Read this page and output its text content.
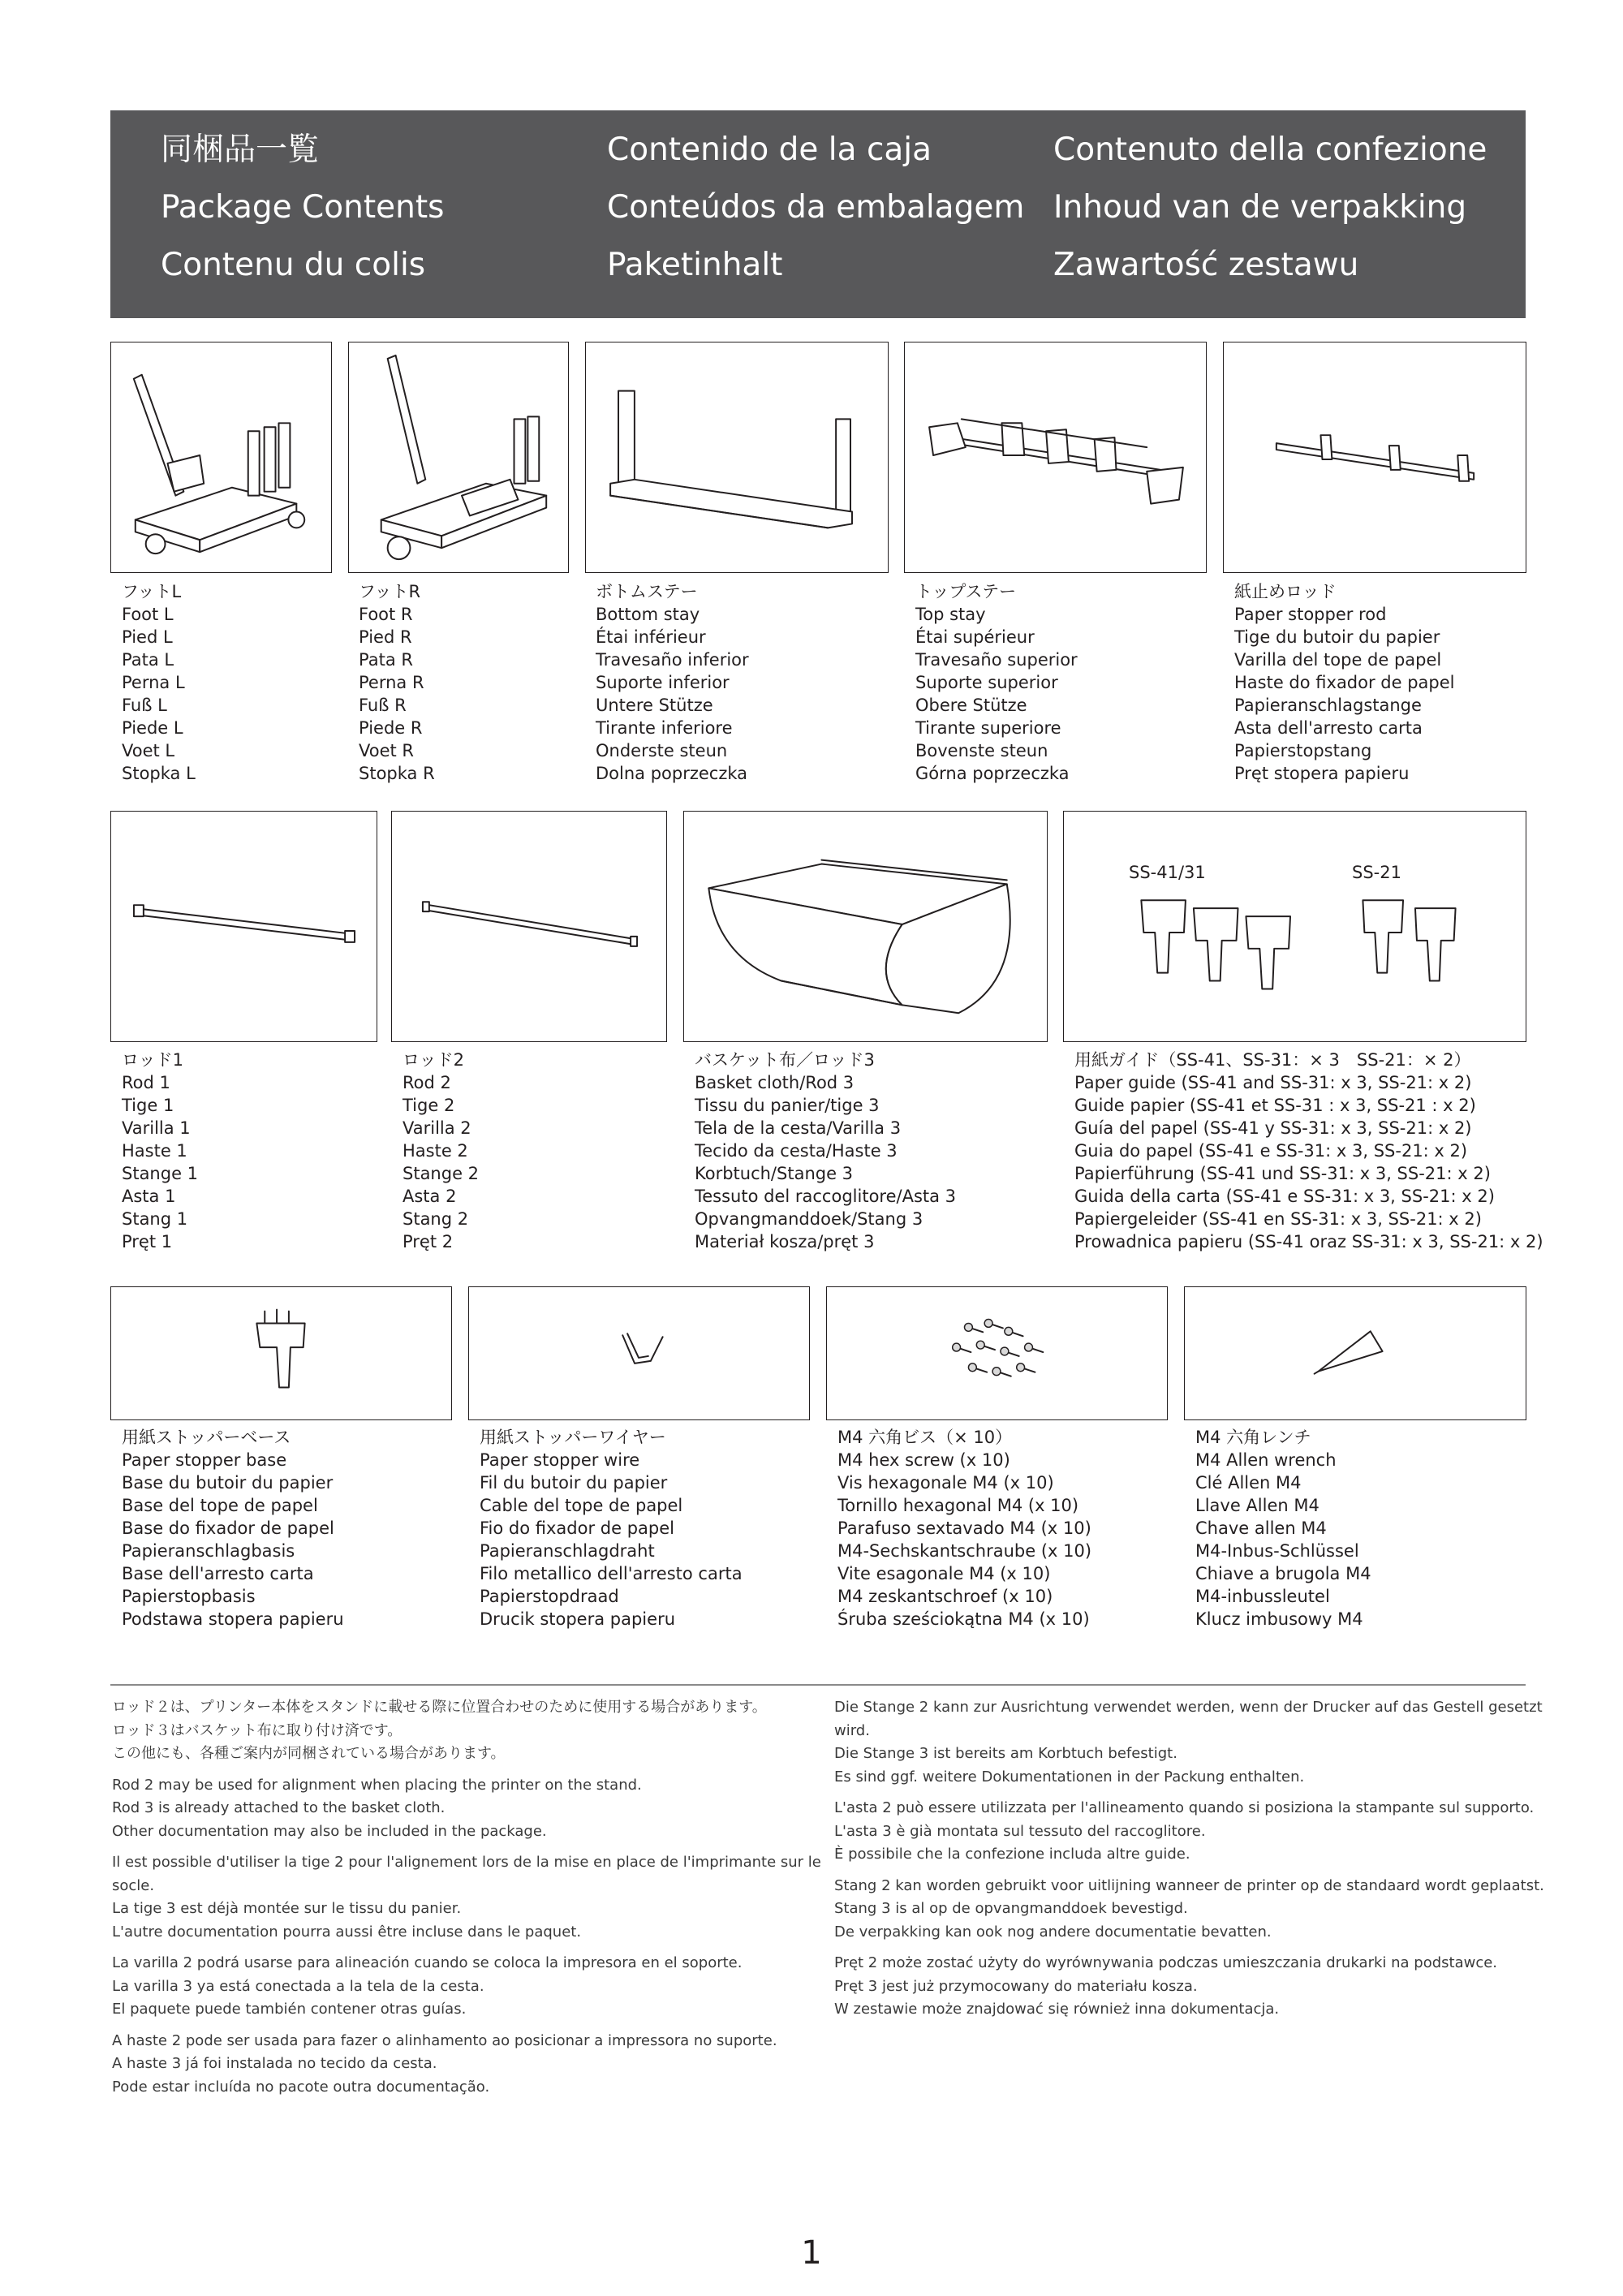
同梱品一覧
Package Contents
Contenu du colis
Contenido de la caja
Conteúdos da embalagem
Paketinhalt
Contenuto della confezione
Inhoud van de verpakking
Zawartość zestawu
フットL
Foot L
Pied L
Pata L
Perna L
Fuß L
Piede L
Voet L
Stopka L
フットR
Foot R
Pied R
Pata R
Perna R
Fuß R
Piede R
Voet R
Stopka R
ボトムステー
Bottom stay
Étai inférieur
Travesaño inferior
Suporte inferior
Untere Stütze
Tirante inferiore
Onderste steun
Dolna poprzeczka
トップステー
Top stay
Étai supérieur
Travesaño superior
Suporte superior
Obere Stütze
Tirante superiore
Bovenste steun
Górna poprzeczka
紙止めロッド
Paper stopper rod
Tige du butoir du papier
Varilla del tope de papel
Haste do fixador de papel
Papieranschlagstange
Asta dell'arresto carta
Papierstopstang
Pręt stopera papieru
SS-41/31	SS-21
ロッド1
Rod 1
Tige 1
Varilla 1
Haste 1
Stange 1
Asta 1
Stang 1
Pręt 1
ロッド2
Rod 2
Tige 2
Varilla 2
Haste 2
Stange 2
Asta 2
Stang 2
Pręt 2
バスケット布／ロッド3
Basket cloth/Rod 3
Tissu du panier/tige 3
Tela de la cesta/Varilla 3
Tecido da cesta/Haste 3
Korbtuch/Stange 3
Tessuto del raccoglitore/Asta 3
Opvangmanddoek/Stang 3
Materiał kosza/pręt 3
用紙ガイド（SS-41、SS-31：× 3　SS-21：× 2）
Paper guide (SS-41 and SS-31: x 3, SS-21: x 2)
Guide papier (SS-41 et SS-31 : x 3, SS-21 : x 2)
Guía del papel (SS-41 y SS-31: x 3, SS-21: x 2)
Guia do papel (SS-41 e SS-31: x 3, SS-21: x 2)
Papierführung (SS-41 und SS-31: x 3, SS-21: x 2)
Guida della carta (SS-41 e SS-31: x 3, SS-21: x 2)
Papiergeleider (SS-41 en SS-31: x 3, SS-21: x 2)
Prowadnica papieru (SS-41 oraz SS-31: x 3, SS-21: x 2)
用紙ストッパーベース
Paper stopper base
Base du butoir du papier
Base del tope de papel
Base do fixador de papel
Papieranschlagbasis
Base dell'arresto carta
Papierstopbasis
Podstawa stopera papieru
用紙ストッパーワイヤー
Paper stopper wire
Fil du butoir du papier
Cable del tope de papel
Fio do fixador de papel
Papieranschlagdraht
Filo metallico dell'arresto carta
Papierstopdraad
Drucik stopera papieru
M4 六角ビス（× 10）
M4 hex screw (x 10)
Vis hexagonale M4 (x 10)
Tornillo hexagonal M4 (x 10)
Parafuso sextavado M4 (x 10)
M4-Sechskantschraube (x 10)
Vite esagonale M4 (x 10)
M4 zeskantschroef (x 10)
Śruba sześciokątna M4 (x 10)
M4 六角レンチ
M4 Allen wrench
Clé Allen M4
Llave Allen M4
Chave allen M4
M4-Inbus-Schlüssel
Chiave a brugola M4
M4-inbussleutel
Klucz imbusowy M4

ロッド２は、プリンター本体をスタンドに載せる際に位置合わせのために使用する場合があります。
ロッド３はバスケット布に取り付け済です。
この他にも、各種ご案内が同梱されている場合があります。

Rod 2 may be used for alignment when placing the printer on the stand.
Rod 3 is already attached to the basket cloth.
Other documentation may also be included in the package.

Il est possible d'utiliser la tige 2 pour l'alignement lors de la mise en place de l'imprimante sur le
socle.
La tige 3 est déjà montée sur le tissu du panier.
L'autre documentation pourra aussi être incluse dans le paquet.

La varilla 2 podrá usarse para alineación cuando se coloca la impresora en el soporte.
La varilla 3 ya está conectada a la tela de la cesta.
El paquete puede también contener otras guías.

A haste 2 pode ser usada para fazer o alinhamento ao posicionar a impressora no suporte.
A haste 3 já foi instalada no tecido da cesta.
Pode estar incluída no pacote outra documentação.

Die Stange 2 kann zur Ausrichtung verwendet werden, wenn der Drucker auf das Gestell gesetzt
wird.
Die Stange 3 ist bereits am Korbtuch befestigt.
Es sind ggf. weitere Dokumentationen in der Packung enthalten.

L'asta 2 può essere utilizzata per l'allineamento quando si posiziona la stampante sul supporto.
L'asta 3 è già montata sul tessuto del raccoglitore.
È possibile che la confezione includa altre guide.

Stang 2 kan worden gebruikt voor uitlijning wanneer de printer op de standaard wordt geplaatst.
Stang 3 is al op de opvangmanddoek bevestigd.
De verpakking kan ook nog andere documentatie bevatten.

Pręt 2 może zostać użyty do wyrównywania podczas umieszczania drukarki na podstawce.
Pręt 3 jest już przymocowany do materiału kosza.
W zestawie może znajdować się również inna dokumentacja.

1
